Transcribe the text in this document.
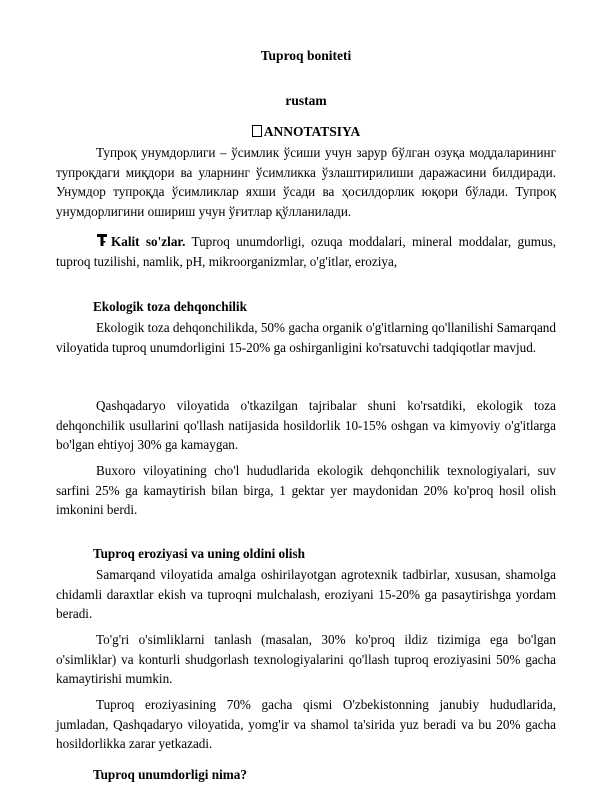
Tuproq boniteti
rustam
ANNOTATSIYA
Тупроқ унумдорлиги – ўсимлик ўсиши учун зарур бўлган озуқа моддаларининг тупроқдаги миқдори ва уларнинг ўсимликка ўзлаштирилиши даражасини билдиради. Унумдор тупроқда ўсимликлар яхши ўсади ва ҳосилдорлик юқори бўлади. Тупроқ унумдорлигини ошириш учун ўғитлар қўлланилади.
Kalit so'zlar. Tuproq unumdorligi, ozuqa moddalari, mineral moddalar, gumus, tuproq tuzilishi, namlik, pH, mikroorganizmlar, o'g'itlar, eroziya,
Ekologik toza dehqonchilik
Ekologik toza dehqonchilikda, 50% gacha organik o'g'itlarning qo'llanilishi Samarqand viloyatida tuproq unumdorligini 15-20% ga oshirganligini ko'rsatuvchi tadqiqotlar mavjud.
Qashqadaryo viloyatida o'tkazilgan tajribalar shuni ko'rsatdiki, ekologik toza dehqonchilik usullarini qo'llash natijasida hosildorlik 10-15% oshgan va kimyoviy o'g'itlarga bo'lgan ehtiyoj 30% ga kamaygan.
Buxoro viloyatining cho'l hududlarida ekologik dehqonchilik texnologiyalari, suv sarfini 25% ga kamaytirish bilan birga, 1 gektar yer maydonidan 20% ko'proq hosil olish imkonini berdi.
Tuproq eroziyasi va uning oldini olish
Samarqand viloyatida amalga oshirilayotgan agrotexnik tadbirlar, xususan, shamolga chidamli daraxtlar ekish va tuproqni mulchalash, eroziyani 15-20% ga pasaytirishga yordam beradi.
To'g'ri o'simliklarni tanlash (masalan, 30% ko'proq ildiz tizimiga ega bo'lgan o'simliklar) va konturli shudgorlash texnologiyalarini qo'llash tuproq eroziyasini 50% gacha kamaytirishi mumkin.
Tuproq eroziyasining 70% gacha qismi O'zbekistonning janubiy hududlarida, jumladan, Qashqadaryo viloyatida, yomg'ir va shamol ta'sirida yuz beradi va bu 20% gacha hosildorlikka zarar yetkazadi.
Tuproq unumdorligi nima?
